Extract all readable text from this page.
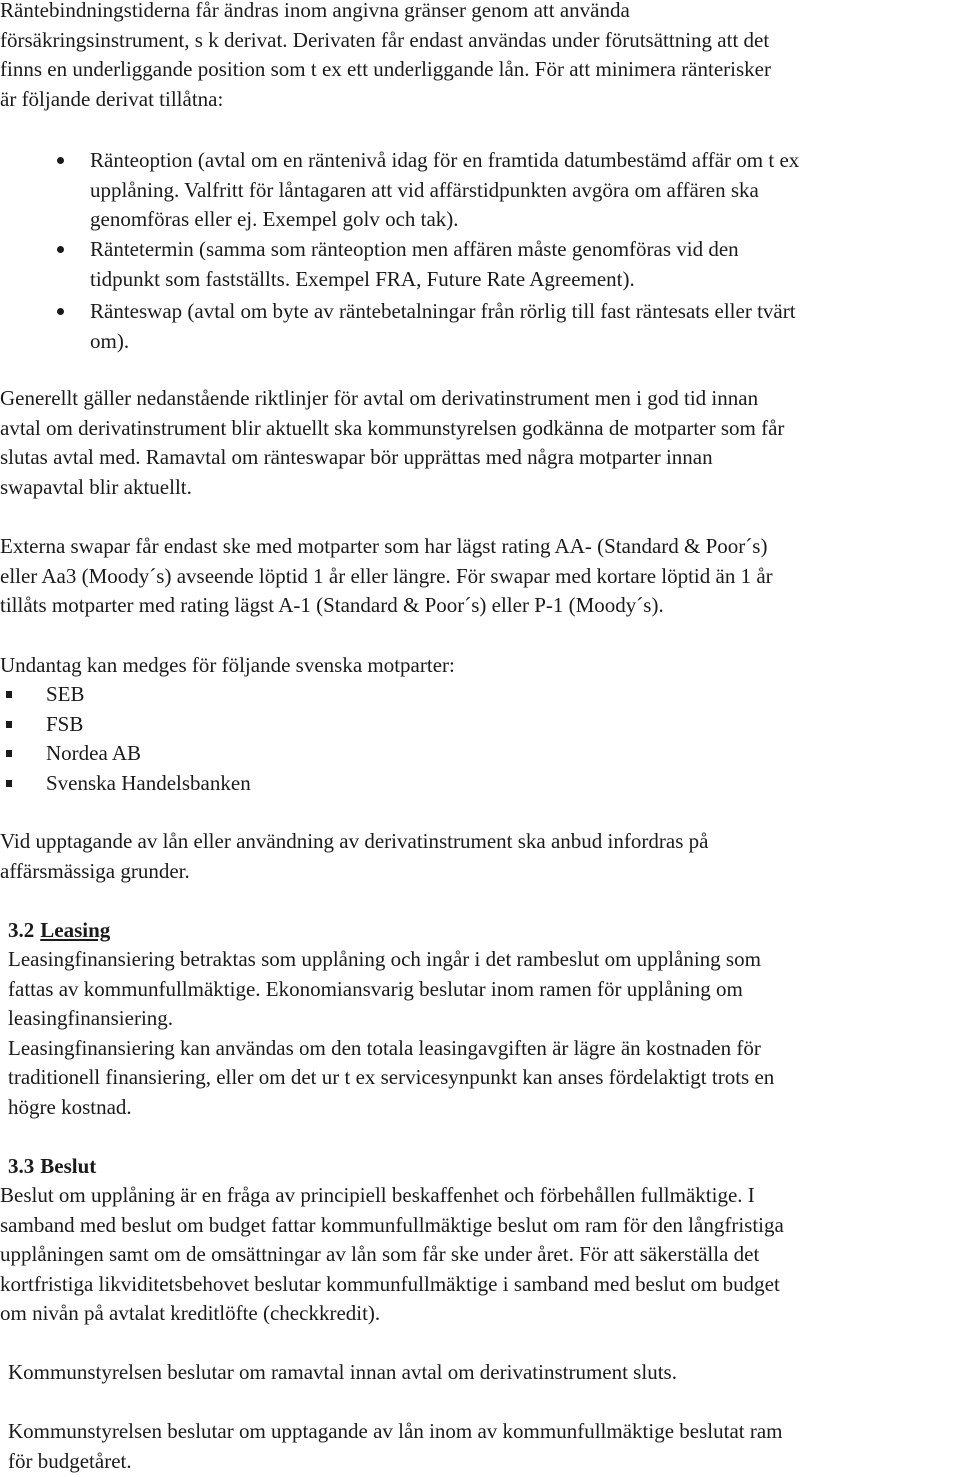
Räntebindningstiderna får ändras inom angivna gränser genom att använda
försäkringsinstrument, s k derivat. Derivaten får endast användas under förutsättning att det
finns en underliggande position som t ex ett underliggande lån. För att minimera ränterisker
är följande derivat tillåtna:
Ränteoption (avtal om en räntenivå idag för en framtida datumbestämd affär om t ex
upplåning. Valfritt för låntagaren att vid affärstidpunkten avgöra om affären ska
genomföras eller ej. Exempel golv och tak).
Räntetermin (samma som ränteoption men affären måste genomföras vid den
tidpunkt som fastställts. Exempel FRA, Future Rate Agreement).
Ränteswap (avtal om byte av räntebetalningar från rörlig till fast räntesats eller tvärt
om).
Generellt gäller nedanstående riktlinjer för avtal om derivatinstrument men i god tid innan
avtal om derivatinstrument blir aktuellt ska kommunstyrelsen godkänna de motparter som får
slutas avtal med. Ramavtal om ränteswapar bör upprättas med några motparter innan
swapavtal blir aktuellt.
Externa swapar får endast ske med motparter som har lägst rating AA- (Standard & Poor´s)
eller Aa3 (Moody´s) avseende löptid 1 år eller längre. För swapar med kortare löptid än 1 år
tillåts motparter med rating lägst A-1 (Standard & Poor´s) eller P-1 (Moody´s).
Undantag kan medges för följande svenska motparter:
SEB
FSB
Nordea AB
Svenska Handelsbanken
Vid upptagande av lån eller användning av derivatinstrument ska anbud infordras på
affärsmässiga grunder.
3.2 Leasing
Leasingfinansiering betraktas som upplåning och ingår i det rambeslut om upplåning som
fattas av kommunfullmäktige. Ekonomiansvarig beslutar inom ramen för upplåning om
leasingfinansiering.
Leasingfinansiering kan användas om den totala leasingavgiften är lägre än kostnaden för
traditionell finansiering, eller om det ur t ex servicesynpunkt kan anses fördelaktigt trots en
högre kostnad.
3.3 Beslut
Beslut om upplåning är en fråga av principiell beskaffenhet och förbehållen fullmäktige. I
samband med beslut om budget fattar kommunfullmäktige beslut om ram för den långfristiga
upplåningen samt om de omsättningar av lån som får ske under året. För att säkerställa det
kortfristiga likviditetsbehovet beslutar kommunfullmäktige i samband med beslut om budget
om nivån på avtalat kreditlöfte (checkkredit).
Kommunstyrelsen beslutar om ramavtal innan avtal om derivatinstrument sluts.
Kommunstyrelsen beslutar om upptagande av lån inom av kommunfullmäktige beslutat ram
för budgetåret.
